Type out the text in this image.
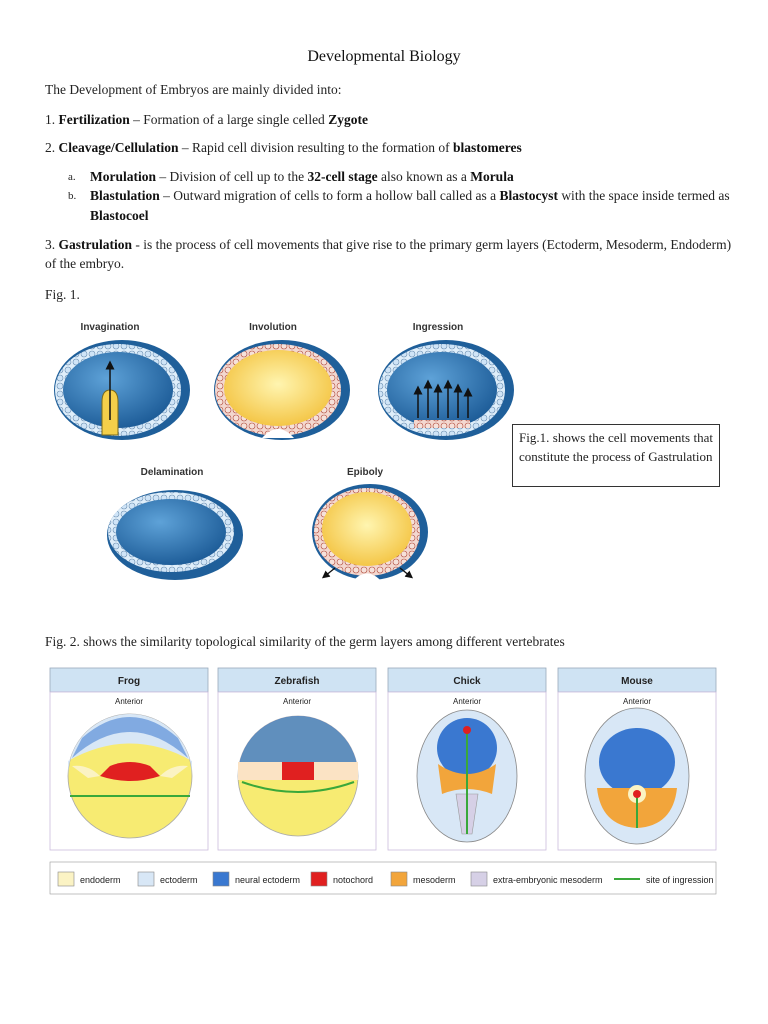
Developmental Biology
The Development of Embryos are mainly divided into:
1. Fertilization – Formation of a large single celled Zygote
2. Cleavage/Cellulation – Rapid cell division resulting to the formation of blastomeres
a. Morulation – Division of cell up to the 32-cell stage also known as a Morula
b. Blastulation – Outward migration of cells to form a hollow ball called as a Blastocyst with the space inside termed as Blastocoel
3. Gastrulation - is the process of cell movements that give rise to the primary germ layers (Ectoderm, Mesoderm, Endoderm) of the embryo.
Fig. 1.
Invagination	Involution	Ingression
Delamination	Epiboly
Fig.1. shows the cell movements that constitute the process of Gastrulation
Fig. 2. shows the similarity topological similarity of the germ layers among different vertebrates
Frog
Anterior
Zebrafish
Anterior
Chick
Anterior
Mouse
Anterior
endoderm	ectoderm	neural ectoderm	notochord	mesoderm	extra-embryonic mesoderm	site of ingression
